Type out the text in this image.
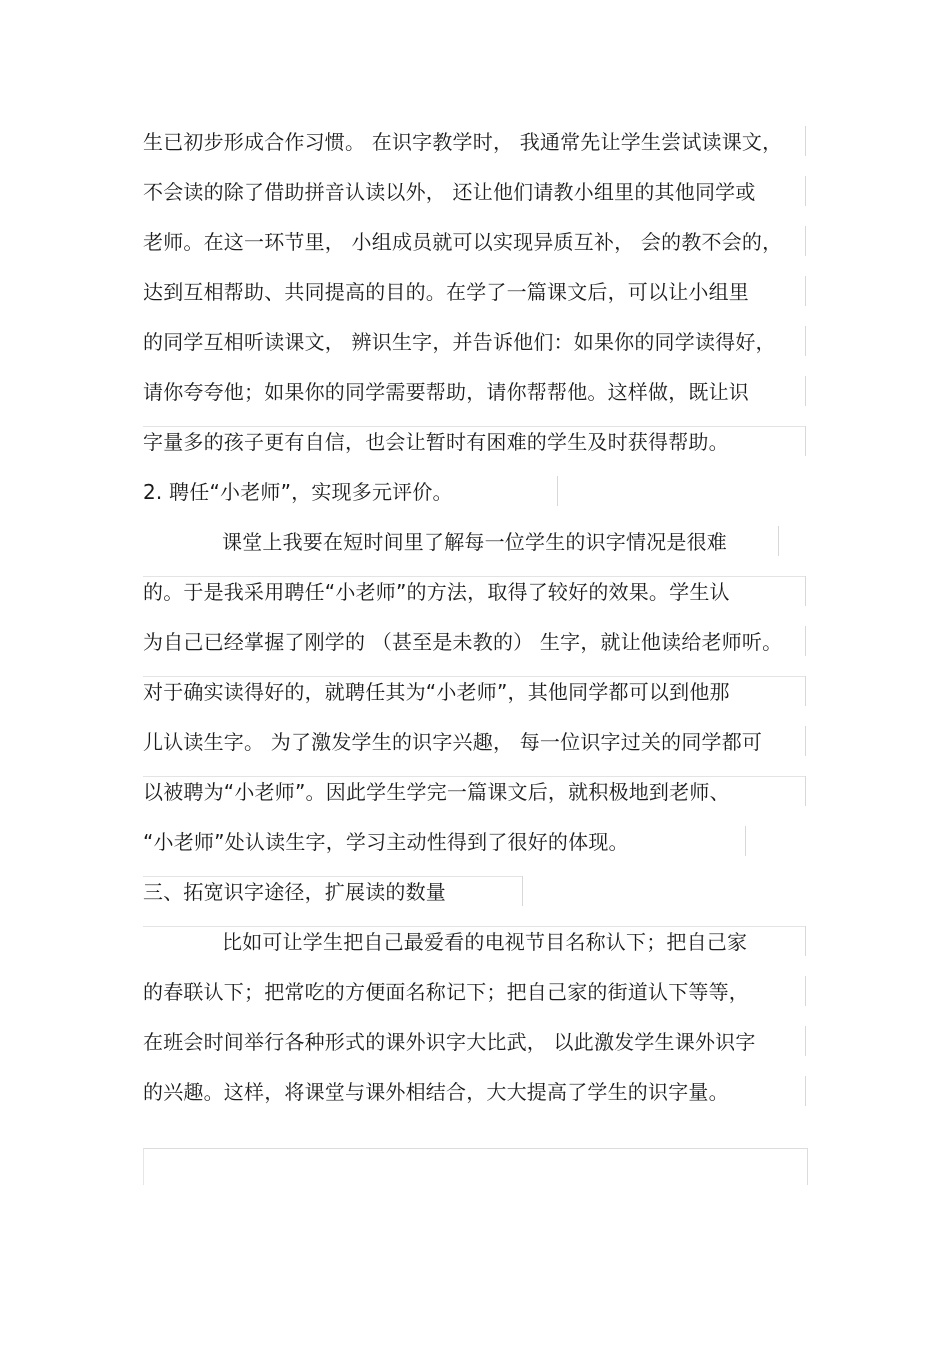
生已初步形成合作习惯。 在识字教学时， 我通常先让学生尝试读课文，
不会读的除了借助拼音认读以外， 还让他们请教小组里的其他同学或
老师。在这一环节里， 小组成员就可以实现异质互补， 会的教不会的，
达到互相帮助、共同提高的目的。在学了一篇课文后，可以让小组里
的同学互相听读课文， 辨识生字，并告诉他们：如果你的同学读得好，
请你夸夸他；如果你的同学需要帮助，请你帮帮他。这样做，既让识
字量多的孩子更有自信，也会让暂时有困难的学生及时获得帮助。
2. 聘任“小老师”，实现多元评价。
课堂上我要在短时间里了解每一位学生的识字情况是很难
的。于是我采用聘任“小老师”的方法，取得了较好的效果。学生认
为自己已经掌握了刚学的 （甚至是未教的） 生字，就让他读给老师听。
对于确实读得好的，就聘任其为“小老师”，其他同学都可以到他那
儿认读生字。 为了激发学生的识字兴趣， 每一位识字过关的同学都可
以被聘为“小老师”。因此学生学完一篇课文后，就积极地到老师、
“小老师”处认读生字，学习主动性得到了很好的体现。
三、拓宽识字途径，扩展读的数量
比如可让学生把自己最爱看的电视节目名称认下；把自己家
的春联认下；把常吃的方便面名称记下；把自己家的街道认下等等，
在班会时间举行各种形式的课外识字大比武， 以此激发学生课外识字
的兴趣。这样，将课堂与课外相结合，大大提高了学生的识字量。
